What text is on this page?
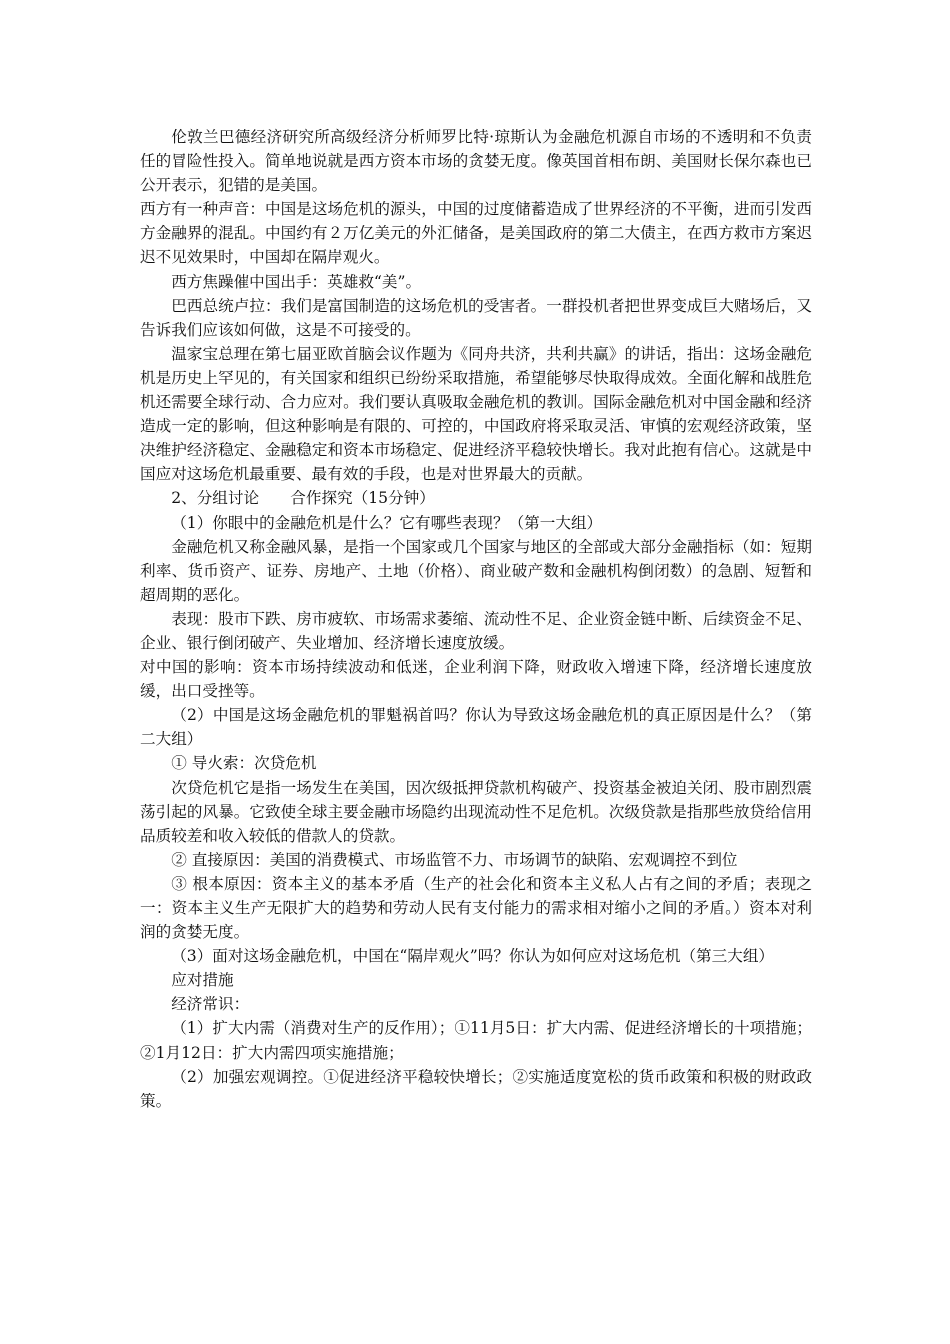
伦敦兰巴德经济研究所高级经济分析师罗比特·琼斯认为金融危机源自市场的不透明和不负责任的冒险性投入。简单地说就是西方资本市场的贪婪无度。像英国首相布朗、美国财长保尔森也已公开表示，犯错的是美国。

西方有一种声音：中国是这场危机的源头，中国的过度储蓄造成了世界经济的不平衡，进而引发西方金融界的混乱。中国约有２万亿美元的外汇储备，是美国政府的第二大债主，在西方救市方案迟迟不见效果时，中国却在隔岸观火。

西方焦躁催中国出手：英雄救“美”。

巴西总统卢拉：我们是富国制造的这场危机的受害者。一群投机者把世界变成巨大赌场后，又告诉我们应该如何做，这是不可接受的。

温家宝总理在第七届亚欧首脑会议作题为《同舟共济，共利共赢》的讲话，指出：这场金融危机是历史上罕见的，有关国家和组织已纷纷采取措施，希望能够尽快取得成效。全面化解和战胜危机还需要全球行动、合力应对。我们要认真吸取金融危机的教训。国际金融危机对中国金融和经济造成一定的影响，但这种影响是有限的、可控的，中国政府将采取灵活、审慎的宏观经济政策，坚决维护经济稳定、金融稳定和资本市场稳定、促进经济平稳较快增长。我对此抱有信心。这就是中国应对这场危机最重要、最有效的手段，也是对世界最大的贡献。

2、分组讨论　　合作探究（15分钟）

（1）你眼中的金融危机是什么？它有哪些表现？（第一大组）

金融危机又称金融风暴，是指一个国家或几个国家与地区的全部或大部分金融指标（如：短期利率、货币资产、证券、房地产、土地（价格）、商业破产数和金融机构倒闭数）的急剧、短暂和超周期的恶化。

表现：股市下跌、房市疲软、市场需求萎缩、流动性不足、企业资金链中断、后续资金不足、企业、银行倒闭破产、失业增加、经济增长速度放缓。

对中国的影响：资本市场持续波动和低迷，企业利润下降，财政收入增速下降，经济增长速度放缓，出口受挫等。

（2）中国是这场金融危机的罪魁祸首吗？你认为导致这场金融危机的真正原因是什么？（第二大组）

① 导火索：次贷危机

次贷危机它是指一场发生在美国，因次级抵押贷款机构破产、投资基金被迫关闭、股市剧烈震荡引起的风暴。它致使全球主要金融市场隐约出现流动性不足危机。次级贷款是指那些放贷给信用品质较差和收入较低的借款人的贷款。

② 直接原因：美国的消费模式、市场监管不力、市场调节的缺陷、宏观调控不到位

③ 根本原因：资本主义的基本矛盾（生产的社会化和资本主义私人占有之间的矛盾；表现之一：资本主义生产无限扩大的趋势和劳动人民有支付能力的需求相对缩小之间的矛盾。）资本对利润的贪婪无度。

（3）面对这场金融危机，中国在“隔岸观火”吗？你认为如何应对这场危机（第三大组）

应对措施

经济常识：

（1）扩大内需（消费对生产的反作用）；①11月5日：扩大内需、促进经济增长的十项措施；②1月12日：扩大内需四项实施措施；

（2）加强宏观调控。①促进经济平稳较快增长；②实施适度宽松的货币政策和积极的财政政策。
